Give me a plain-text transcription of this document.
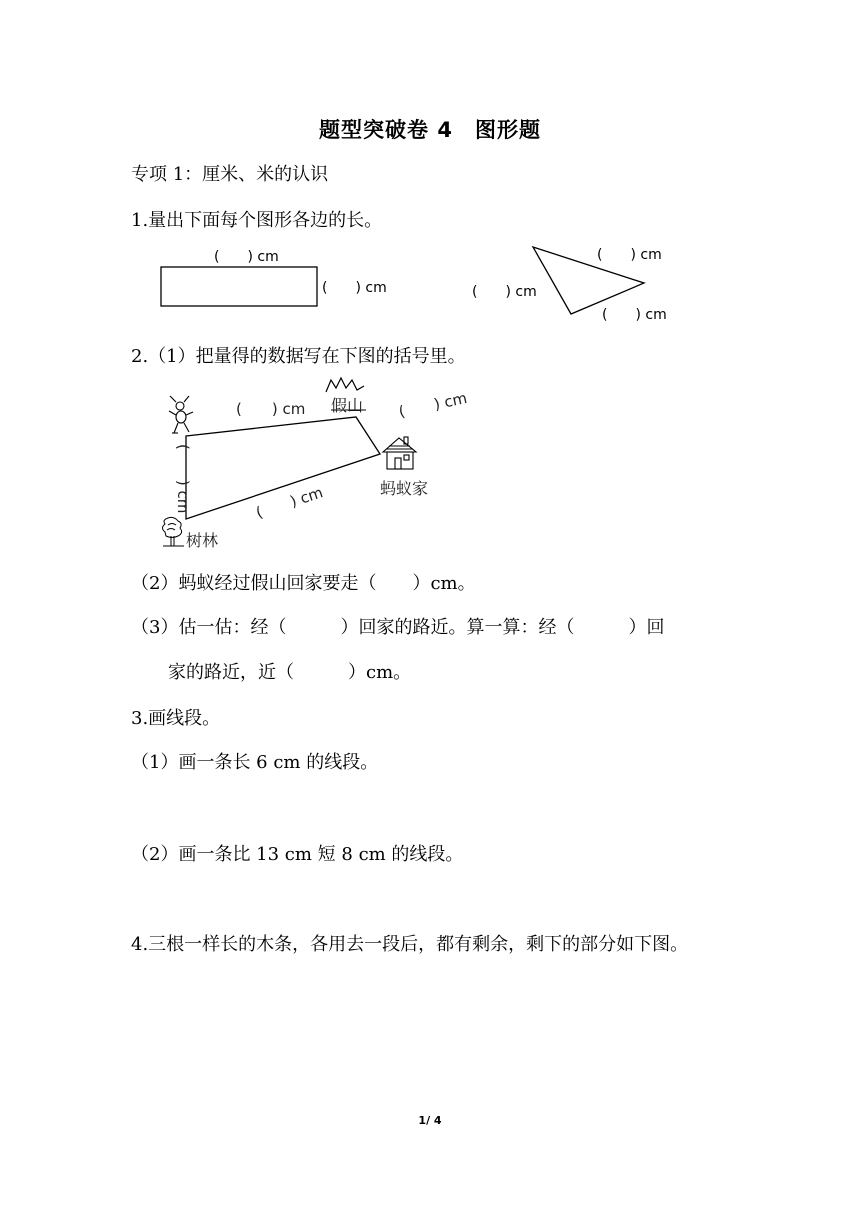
题型突破卷 4　图形题
专项 1：厘米、米的认识
1.量出下面每个图形各边的长。
(　　) cm
(　　) cm
(　　) cm
(　　) cm
(　　) cm
2.（1）把量得的数据写在下图的括号里。
(　　) cm
(　　) cm
(　　) cm
(　　) cm 假山
蚂蚁家
树林
（2）蚂蚁经过假山回家要走（　　）cm。
（3）估一估：经（　　　）回家的路近。算一算：经（　　　）回
家的路近，近（　　　）cm。
3.画线段。
（1）画一条长 6 cm 的线段。
（2）画一条比 13 cm 短 8 cm 的线段。
4.三根一样长的木条，各用去一段后，都有剩余，剩下的部分如下图。
1/ 4
